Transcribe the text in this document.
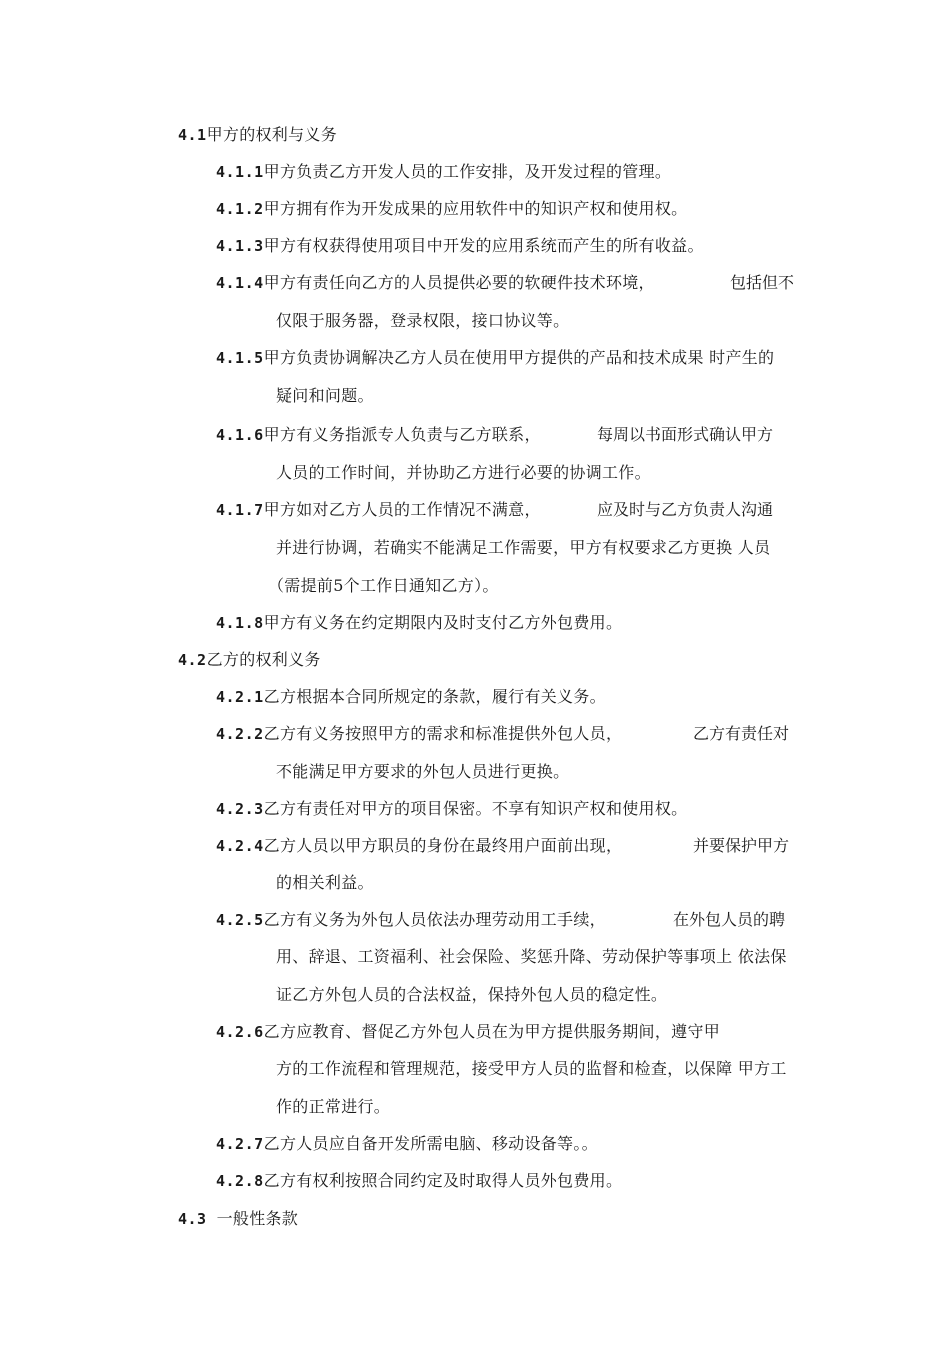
4.1甲方的权利与义务
4.1.1甲方负责乙方开发人员的工作安排，及开发过程的管理。
4.1.2甲方拥有作为开发成果的应用软件中的知识产权和使用权。
4.1.3甲方有权获得使用项目中开发的应用系统而产生的所有收益。
4.1.4甲方有责任向乙方的人员提供必要的软硬件技术环境，	包括但不
仅限于服务器，登录权限，接口协议等。
4.1.5甲方负责协调解决乙方人员在使用甲方提供的产品和技术成果 时产生的
疑问和问题。
4.1.6甲方有义务指派专人负责与乙方联系，	每周以书面形式确认甲方
人员的工作时间，并协助乙方进行必要的协调工作。
4.1.7甲方如对乙方人员的工作情况不满意，	应及时与乙方负责人沟通
并进行协调，若确实不能满足工作需要，甲方有权要求乙方更换 人员
（需提前5个工作日通知乙方）。
4.1.8甲方有义务在约定期限内及时支付乙方外包费用。
4.2乙方的权利义务
4.2.1乙方根据本合同所规定的条款，履行有关义务。
4.2.2乙方有义务按照甲方的需求和标准提供外包人员，	乙方有责任对
不能满足甲方要求的外包人员进行更换。
4.2.3乙方有责任对甲方的项目保密。不享有知识产权和使用权。
4.2.4乙方人员以甲方职员的身份在最终用户面前出现，	并要保护甲方
的相关利益。
4.2.5乙方有义务为外包人员依法办理劳动用工手续，	在外包人员的聘
用、辞退、工资福利、社会保险、奖惩升降、劳动保护等事项上 依法保
证乙方外包人员的合法权益，保持外包人员的稳定性。
4.2.6乙方应教育、督促乙方外包人员在为甲方提供服务期间，遵守甲
方的工作流程和管理规范，接受甲方人员的监督和检查，以保障 甲方工
作的正常进行。
4.2.7乙方人员应自备开发所需电脑、移动设备等。。
4.2.8乙方有权利按照合同约定及时取得人员外包费用。
4.3 一般性条款
